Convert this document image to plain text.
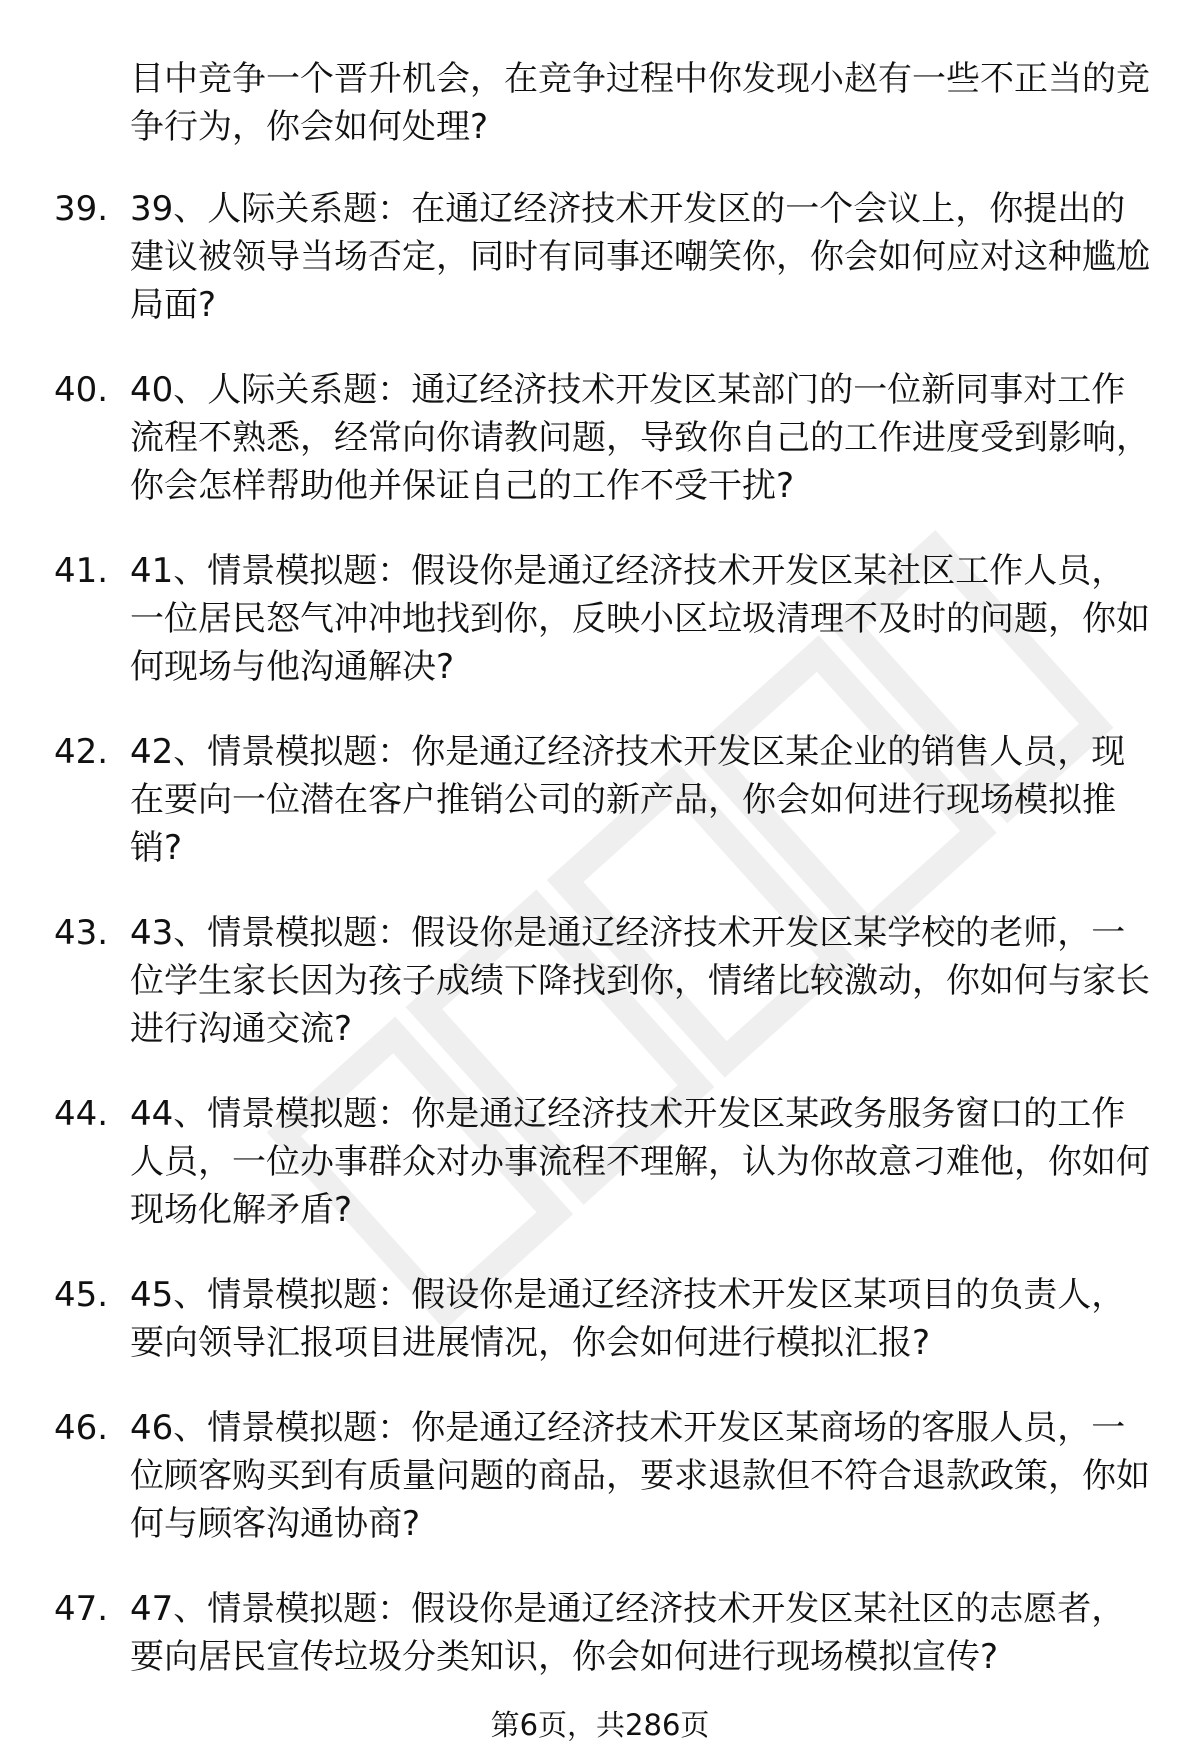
目中竞争一个晋升机会，在竞争过程中你发现小赵有一些不正当的竞争行为，你会如何处理?

39. 39、人际关系题：在通辽经济技术开发区的一个会议上，你提出的建议被领导当场否定，同时有同事还嘲笑你，你会如何应对这种尴尬局面?
40. 40、人际关系题：通辽经济技术开发区某部门的一位新同事对工作流程不熟悉，经常向你请教问题，导致你自己的工作进度受到影响，你会怎样帮助他并保证自己的工作不受干扰?
41. 41、情景模拟题：假设你是通辽经济技术开发区某社区工作人员，一位居民怒气冲冲地找到你，反映小区垃圾清理不及时的问题，你如何现场与他沟通解决?
42. 42、情景模拟题：你是通辽经济技术开发区某企业的销售人员，现在要向一位潜在客户推销公司的新产品，你会如何进行现场模拟推销?
43. 43、情景模拟题：假设你是通辽经济技术开发区某学校的老师，一位学生家长因为孩子成绩下降找到你，情绪比较激动，你如何与家长进行沟通交流?
44. 44、情景模拟题：你是通辽经济技术开发区某政务服务窗口的工作人员，一位办事群众对办事流程不理解，认为你故意刁难他，你如何现场化解矛盾?
45. 45、情景模拟题：假设你是通辽经济技术开发区某项目的负责人，要向领导汇报项目进展情况，你会如何进行模拟汇报?
46. 46、情景模拟题：你是通辽经济技术开发区某商场的客服人员，一位顾客购买到有质量问题的商品，要求退款但不符合退款政策，你如何与顾客沟通协商?
47. 47、情景模拟题：假设你是通辽经济技术开发区某社区的志愿者，要向居民宣传垃圾分类知识，你会如何进行现场模拟宣传?
第6页，共286页
